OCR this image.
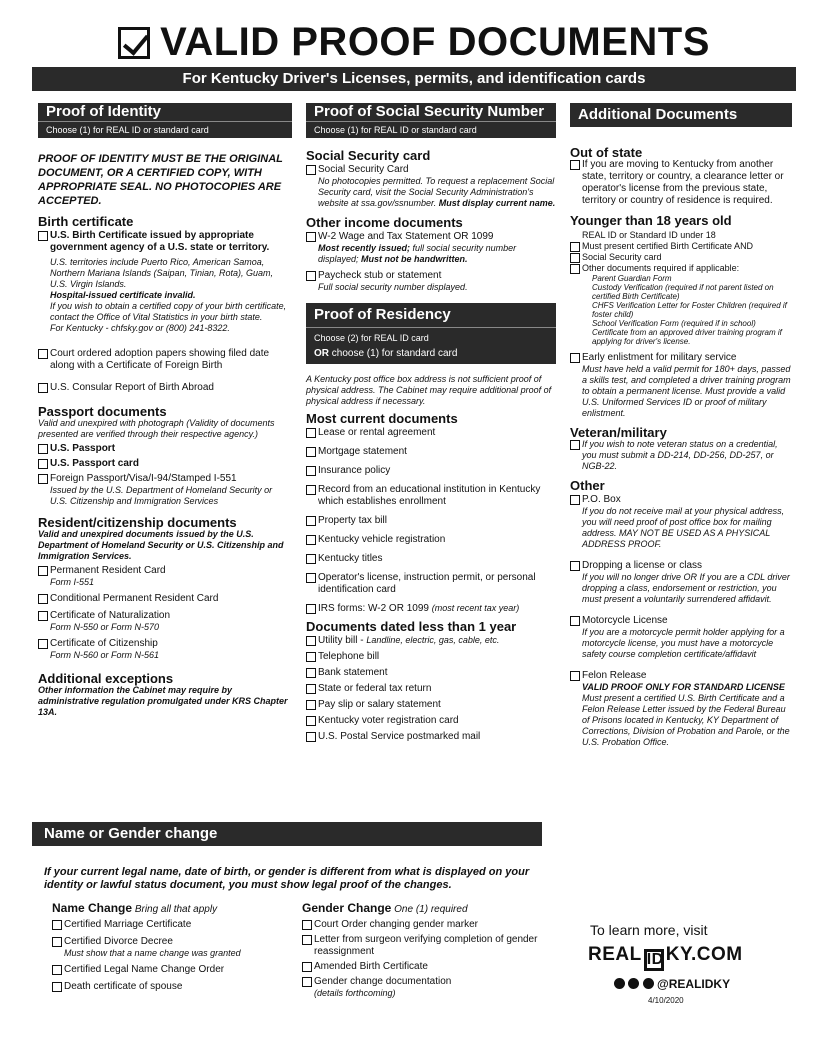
VALID PROOF DOCUMENTS
For Kentucky Driver's Licenses, permits, and identification cards
Proof of Identity
Choose (1) for REAL ID or standard card
PROOF OF IDENTITY MUST BE THE ORIGINAL DOCUMENT, OR A CERTIFIED COPY, WITH APPROPRIATE SEAL. NO PHOTOCOPIES ARE ACCEPTED.
Birth certificate
U.S. Birth Certificate issued by appropriate government agency of a U.S. state or territory.
U.S. territories include Puerto Rico, American Samoa, Northern Mariana Islands (Saipan, Tinian, Rota), Guam, U.S. Virgin Islands.
Hospital-issued certificate invalid.
If you wish to obtain a certified copy of your birth certificate, contact the Office of Vital Statistics in your birth state.
For Kentucky - chfsky.gov or (800) 241-8322.
Court ordered adoption papers showing filed date along with a Certificate of Foreign Birth
U.S. Consular Report of Birth Abroad
Passport documents
Valid and unexpired with photograph (Validity of documents presented are verified through their respective agency.)
U.S. Passport
U.S. Passport card
Foreign Passport/Visa/I-94/Stamped I-551
Issued by the U.S. Department of Homeland Security or U.S. Citizenship and Immigration Services
Resident/citizenship documents
Valid and unexpired documents issued by the U.S. Department of Homeland Security or U.S. Citizenship and Immigration Services.
Permanent Resident Card
Form I-551
Conditional Permanent Resident Card
Certificate of Naturalization
Form N-550 or Form N-570
Certificate of Citizenship
Form N-560 or Form N-561
Additional exceptions
Other information the Cabinet may require by administrative regulation promulgated under KRS Chapter 13A.
Proof of Social Security Number
Choose (1) for REAL ID or standard card
Social Security card
Social Security Card
No photocopies permitted. To request a replacement Social Security card, visit the Social Security Administration's website at ssa.gov/ssnumber. Must display current name.
Other income documents
W-2 Wage and Tax Statement OR 1099
Most recently issued; full social security number displayed; Must not be handwritten.
Paycheck stub or statement
Full social security number displayed.
Proof of Residency
Choose (2) for REAL ID card
OR choose (1) for standard card
A Kentucky post office box address is not sufficient proof of physical address. The Cabinet may require additional proof of physical address if necessary.
Most current documents
Lease or rental agreement
Mortgage statement
Insurance policy
Record from an educational institution in Kentucky which establishes enrollment
Property tax bill
Kentucky vehicle registration
Kentucky titles
Operator's license, instruction permit, or personal identification card
IRS forms: W-2 OR 1099 (most recent tax year)
Documents dated less than 1 year
Utility bill - Landline, electric, gas, cable, etc.
Telephone bill
Bank statement
State or federal tax return
Pay slip or salary statement
Kentucky voter registration card
U.S. Postal Service postmarked mail
Additional Documents
Out of state
If you are moving to Kentucky from another state, territory or country, a clearance letter or operator's license from the previous state, territory or country of residence is required.
Younger than 18 years old
REAL ID or Standard ID under 18
Must present certified Birth Certificate AND
Social Security card
Other documents required if applicable:
Parent Guardian Form
Custody Verification (required if not parent listed on certified Birth Certificate)
CHFS Verification Letter for Foster Children (required if foster child)
School Verification Form (required if in school)
Certificate from an approved driver training program if applying for driver's license.
Early enlistment for military service
Must have held a valid permit for 180+ days, passed a skills test, and completed a driver training program to obtain a permanent license. Must provide a valid U.S. Uniformed Services ID or proof of military enlistment.
Veteran/military
If you wish to note veteran status on a credential, you must submit a DD-214, DD-256, DD-257, or NGB-22.
Other
P.O. Box
If you do not receive mail at your physical address, you will need proof of post office box for mailing address. MAY NOT BE USED AS A PHYSICAL ADDRESS PROOF.
Dropping a license or class
If you will no longer drive OR If you are a CDL driver dropping a class, endorsement or restriction, you must present a voluntarily surrendered affidavit.
Motorcycle License
If you are a motorcycle permit holder applying for a motorcycle license, you must have a motorcycle safety course completion certificate/affidavit
Felon Release
VALID PROOF ONLY FOR STANDARD LICENSE
Must present a certified U.S. Birth Certificate and a Felon Release Letter issued by the Federal Bureau of Prisons located in Kentucky, KY Department of Corrections, Division of Probation and Parole, or the U.S. Probation Office.
Name or Gender change
If your current legal name, date of birth, or gender is different from what is displayed on your identity or lawful status document, you must show legal proof of the changes.
Name Change Bring all that apply
Certified Marriage Certificate
Certified Divorce Decree
Must show that a name change was granted
Certified Legal Name Change Order
Death certificate of spouse
Gender Change One (1) required
Court Order changing gender marker
Letter from surgeon verifying completion of gender reassignment
Amended Birth Certificate
Gender change documentation
(details forthcoming)
To learn more, visit
REAL ID KY.COM
@REALIDKY
4/10/2020
